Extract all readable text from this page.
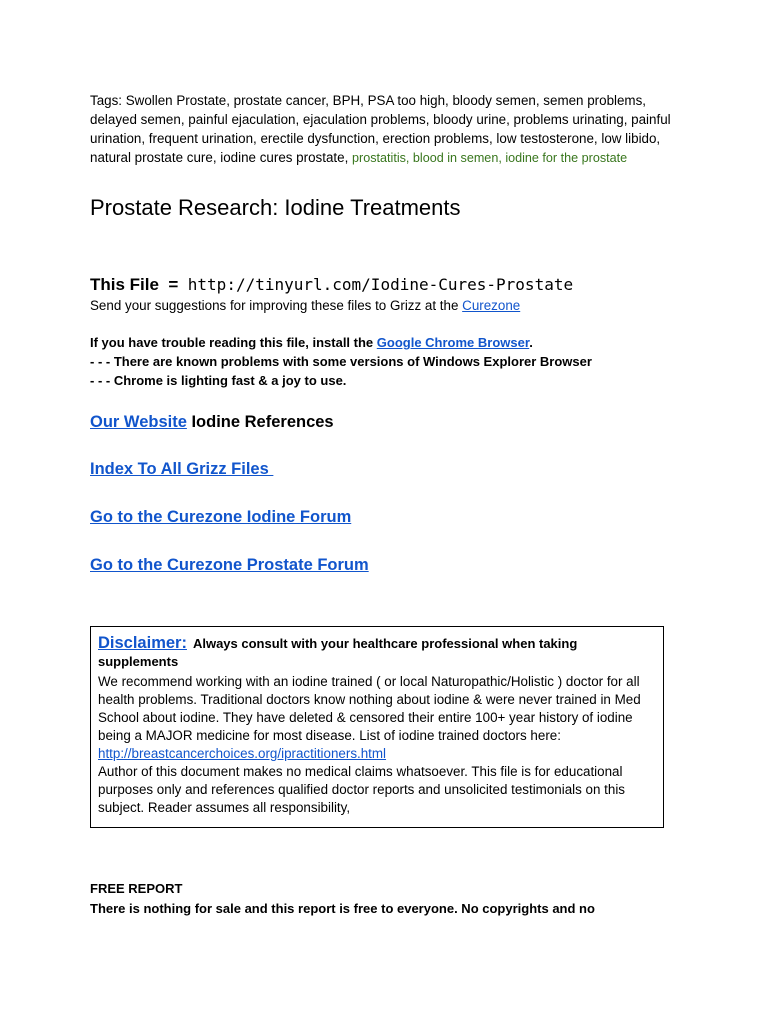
Tags: Swollen Prostate, prostate cancer, BPH, PSA too high, bloody semen, semen problems, delayed semen, painful ejaculation, ejaculation problems, bloody urine, problems urinating, painful urination, frequent urination, erectile dysfunction, erection problems, low testosterone, low libido, natural prostate cure, iodine cures prostate, prostatitis, blood in semen, iodine for the prostate

Prostate Research: Iodine Treatments
This File  =  http://tinyurl.com/Iodine-Cures-Prostate
Send your suggestions for improving these files to Grizz at the Curezone
If you have trouble reading this file, install the Google Chrome Browser.
- - - There are known problems with some versions of Windows Explorer Browser
- - - Chrome is lighting fast & a joy to use.
Our Website Iodine References
Index To All Grizz Files
Go to the Curezone Iodine Forum
Go to the Curezone Prostate Forum
Disclaimer: Always consult with your healthcare professional when taking supplements
We recommend working with an iodine trained ( or local Naturopathic/Holistic ) doctor for all health problems. Traditional doctors know nothing about iodine & were never trained in Med School about iodine. They have deleted & censored their entire 100+ year history of iodine being a MAJOR medicine for most disease. List of iodine trained doctors here: http://breastcancerchoices.org/ipractitioners.html
Author of this document makes no medical claims whatsoever. This file is for educational purposes only and references qualified doctor reports and unsolicited testimonials on this subject. Reader assumes all responsibility,
FREE REPORT
There is nothing for sale and this report is free to everyone. No copyrights and no
